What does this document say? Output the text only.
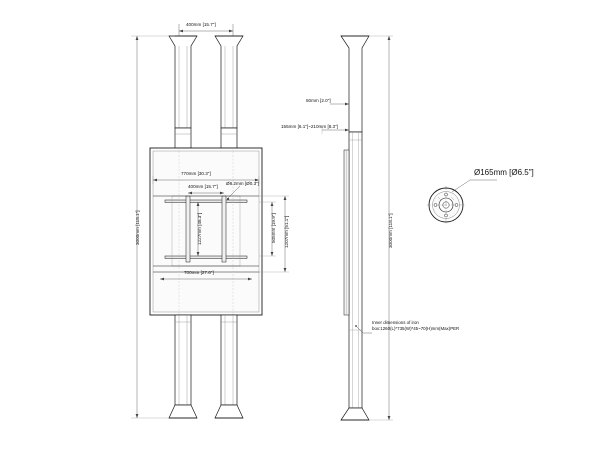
400mm [15.7"]
3000mm [118.1"]
770mm [30.3"]
400mm [15.7"]
Ø8.2mm [Ø0.3"]
1227mm [48.3"]	505mm [19.9"] 1207mm [51.1"]
700mm [27.6"]
50mm [2.0"]
155mm [6.1"]~210mm [8.3"]
3000mm [118.1"]
Ø165mm [Ø6.5"]
Inner dimensions of iron box:1260(L)*735(W)*45~70(H)mm(Max)PER
